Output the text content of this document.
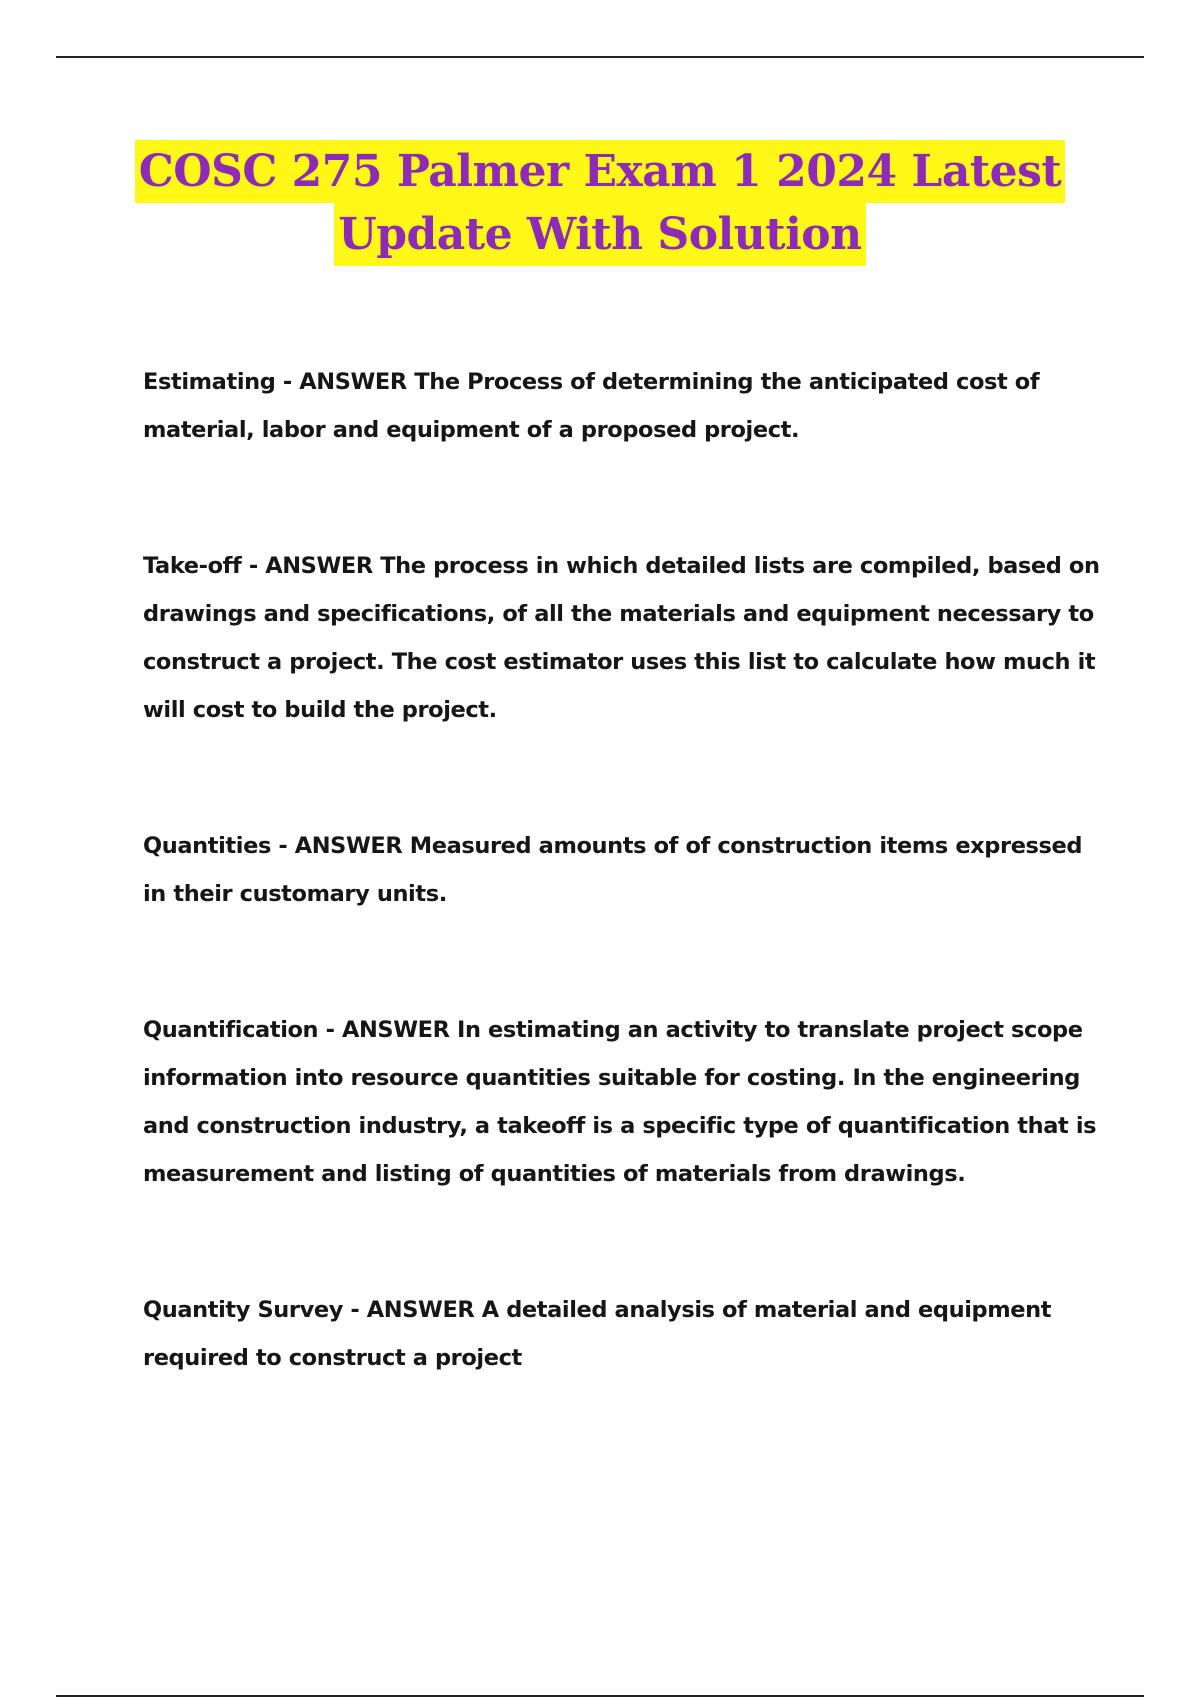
COSC 275 Palmer Exam 1 2024 Latest
Update With Solution

Estimating - ANSWER The Process of determining the anticipated cost of material, labor and equipment of a proposed project.

Take-off - ANSWER The process in which detailed lists are compiled, based on drawings and specifications, of all the materials and equipment necessary to construct a project. The cost estimator uses this list to calculate how much it will cost to build the project.

Quantities - ANSWER Measured amounts of of construction items expressed in their customary units.

Quantification - ANSWER In estimating an activity to translate project scope information into resource quantities suitable for costing. In the engineering and construction industry, a takeoff is a specific type of quantification that is measurement and listing of quantities of materials from drawings.

Quantity Survey - ANSWER A detailed analysis of material and equipment required to construct a project
